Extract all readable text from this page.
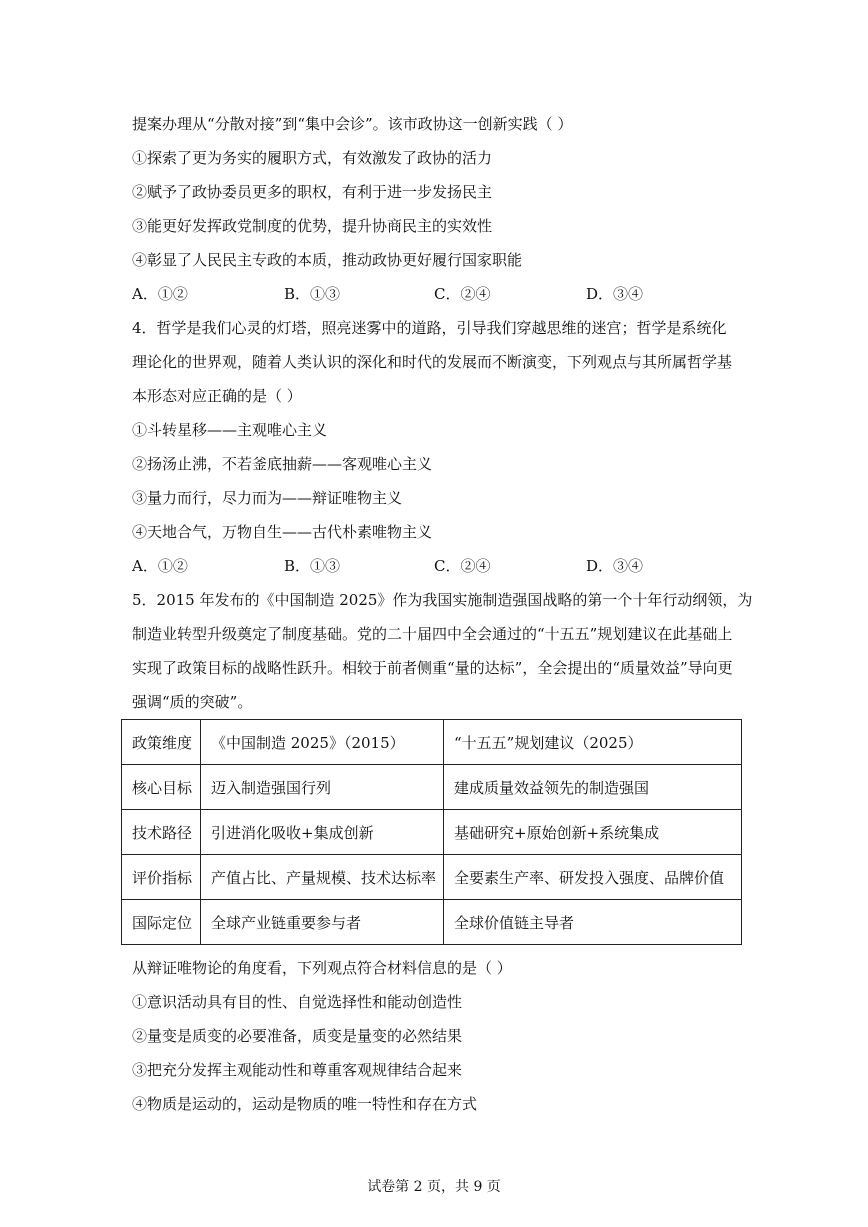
提案办理从“分散对接”到“集中会诊”。该市政协这一创新实践（ ）
①探索了更为务实的履职方式，有效激发了政协的活力
②赋予了政协委员更多的职权，有利于进一步发扬民主
③能更好发挥政党制度的优势，提升协商民主的实效性
④彰显了人民民主专政的本质，推动政协更好履行国家职能
A．①②	B．①③	C．②④	D．③④
4．哲学是我们心灵的灯塔，照亮迷雾中的道路，引导我们穿越思维的迷宫；哲学是系统化
理论化的世界观，随着人类认识的深化和时代的发展而不断演变，下列观点与其所属哲学基
本形态对应正确的是（ ）
①斗转星移——主观唯心主义
②扬汤止沸，不若釜底抽薪——客观唯心主义
③量力而行，尽力而为——辩证唯物主义
④天地合气，万物自生——古代朴素唯物主义
A．①②	B．①③	C．②④	D．③④
5．2015 年发布的《中国制造 2025》作为我国实施制造强国战略的第一个十年行动纲领，为
制造业转型升级奠定了制度基础。党的二十届四中全会通过的“十五五”规划建议在此基础上
实现了政策目标的战略性跃升。相较于前者侧重“量的达标”，全会提出的“质量效益”导向更
强调“质的突破”。
政策维度	《中国制造 2025》（2015）	“十五五”规划建议（2025）
核心目标	迈入制造强国行列	建成质量效益领先的制造强国
技术路径	引进消化吸收+集成创新	基础研究+原始创新+系统集成
评价指标	产值占比、产量规模、技术达标率	全要素生产率、研发投入强度、品牌价值
国际定位	全球产业链重要参与者	全球价值链主导者
从辩证唯物论的角度看，下列观点符合材料信息的是（ ）
①意识活动具有目的性、自觉选择性和能动创造性
②量变是质变的必要准备，质变是量变的必然结果
③把充分发挥主观能动性和尊重客观规律结合起来
④物质是运动的，运动是物质的唯一特性和存在方式
试卷第 2 页，共 9 页
